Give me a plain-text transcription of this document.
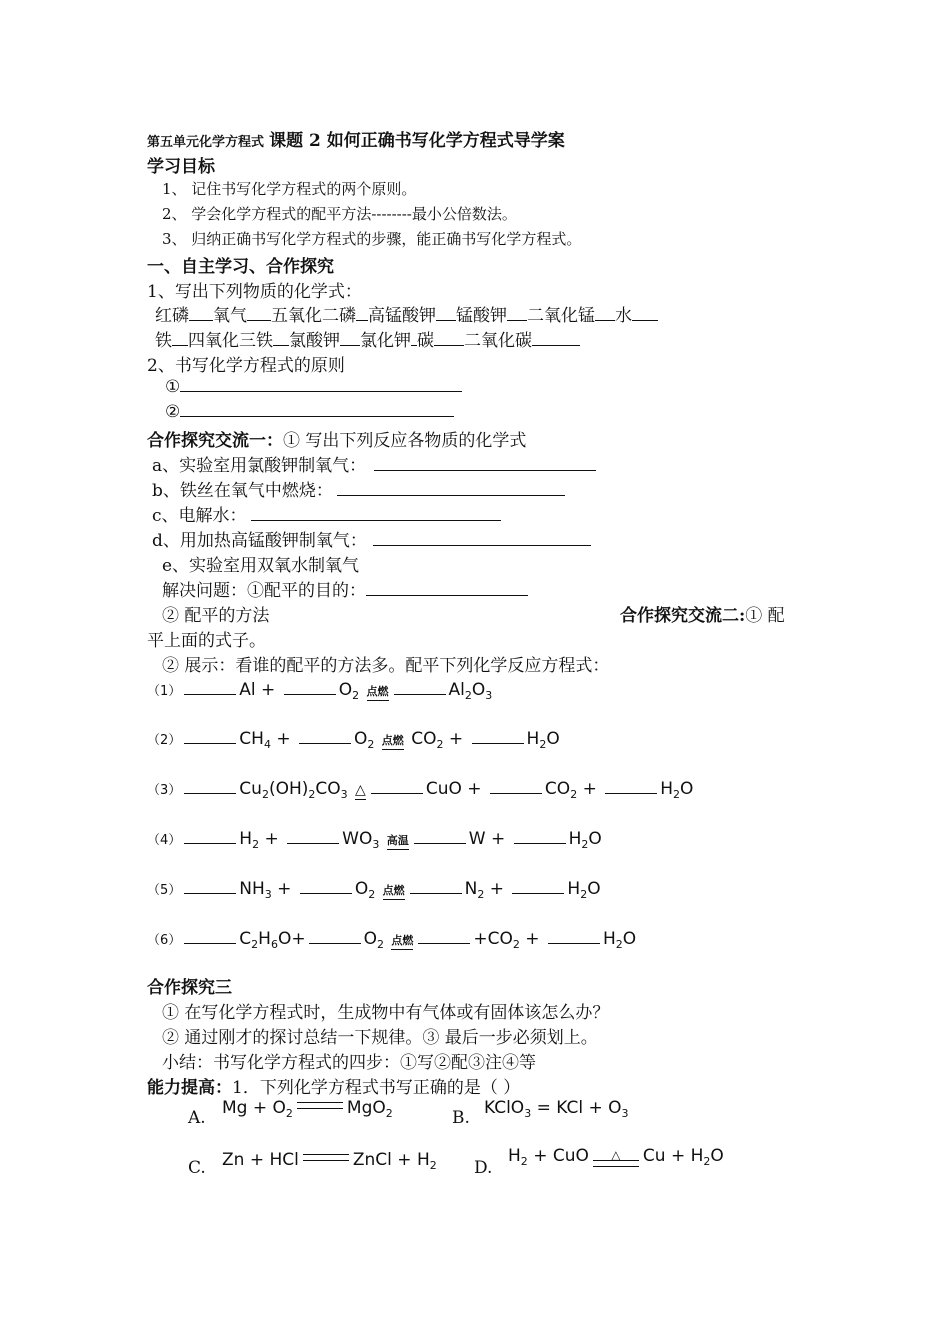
第五单元化学方程式 课题 2 如何正确书写化学方程式导学案
学习目标
1、 记住书写化学方程式的两个原则。
2、 学会化学方程式的配平方法--------最小公倍数法。
3、 归纳正确书写化学方程式的步骤，能正确书写化学方程式。
一、自主学习、合作探究
1、写出下列物质的化学式：
红磷 氧气 五氧化二磷 高锰酸钾 锰酸钾 二氧化锰 水
铁 四氧化三铁 氯酸钾 氯化钾 碳 二氧化碳
2、书写化学方程式的原则
①
②
合作探究交流一：① 写出下列反应各物质的化学式
a、实验室用氯酸钾制氧气：
b、铁丝在氧气中燃烧：
c、电解水：
d、用加热高锰酸钾制氧气：
e、实验室用双氧水制氧气
解决问题：①配平的目的：
② 配平的方法	合作探究交流二:① 配
平上面的式子。
② 展示：看谁的配平的方法多。配平下列化学反应方程式：
（1）	Al +	$O_2$ 点燃	$Al_2O_3$
（2）	$CH_4$ +	$O_2$ 点燃 $CO_2$ +	$H_2O$
（3）	$Cu_2(OH)_2CO_3$ △	CuO +	$CO_2$ +	$H_2O$
（4）	$H_2$ +	$WO_3$ 高温	W +	$H_2O$
（5）	$NH_3$ +	$O_2$ 点燃	$N_2$ +	$H_2O$
（6）	$C_2H_6O+$	$O_2$ 点燃	$+CO_2$ +	$H_2O$
合作探究三
① 在写化学方程式时，生成物中有气体或有固体该怎么办？
② 通过刚才的探讨总结一下规律。③ 最后一步必须划上。
小结：书写化学方程式的四步：①写②配③注④等
能力提高：1．下列化学方程式书写正确的是（ ）
A. $Mg + O_2$	MgO$_2$	B. KClO$_3$ = KCl + $O_3$
C. Zn + HCl	ZnCl + $H_2$ D.
$H_2$ + CuO	△	$Cu + H_2O$
